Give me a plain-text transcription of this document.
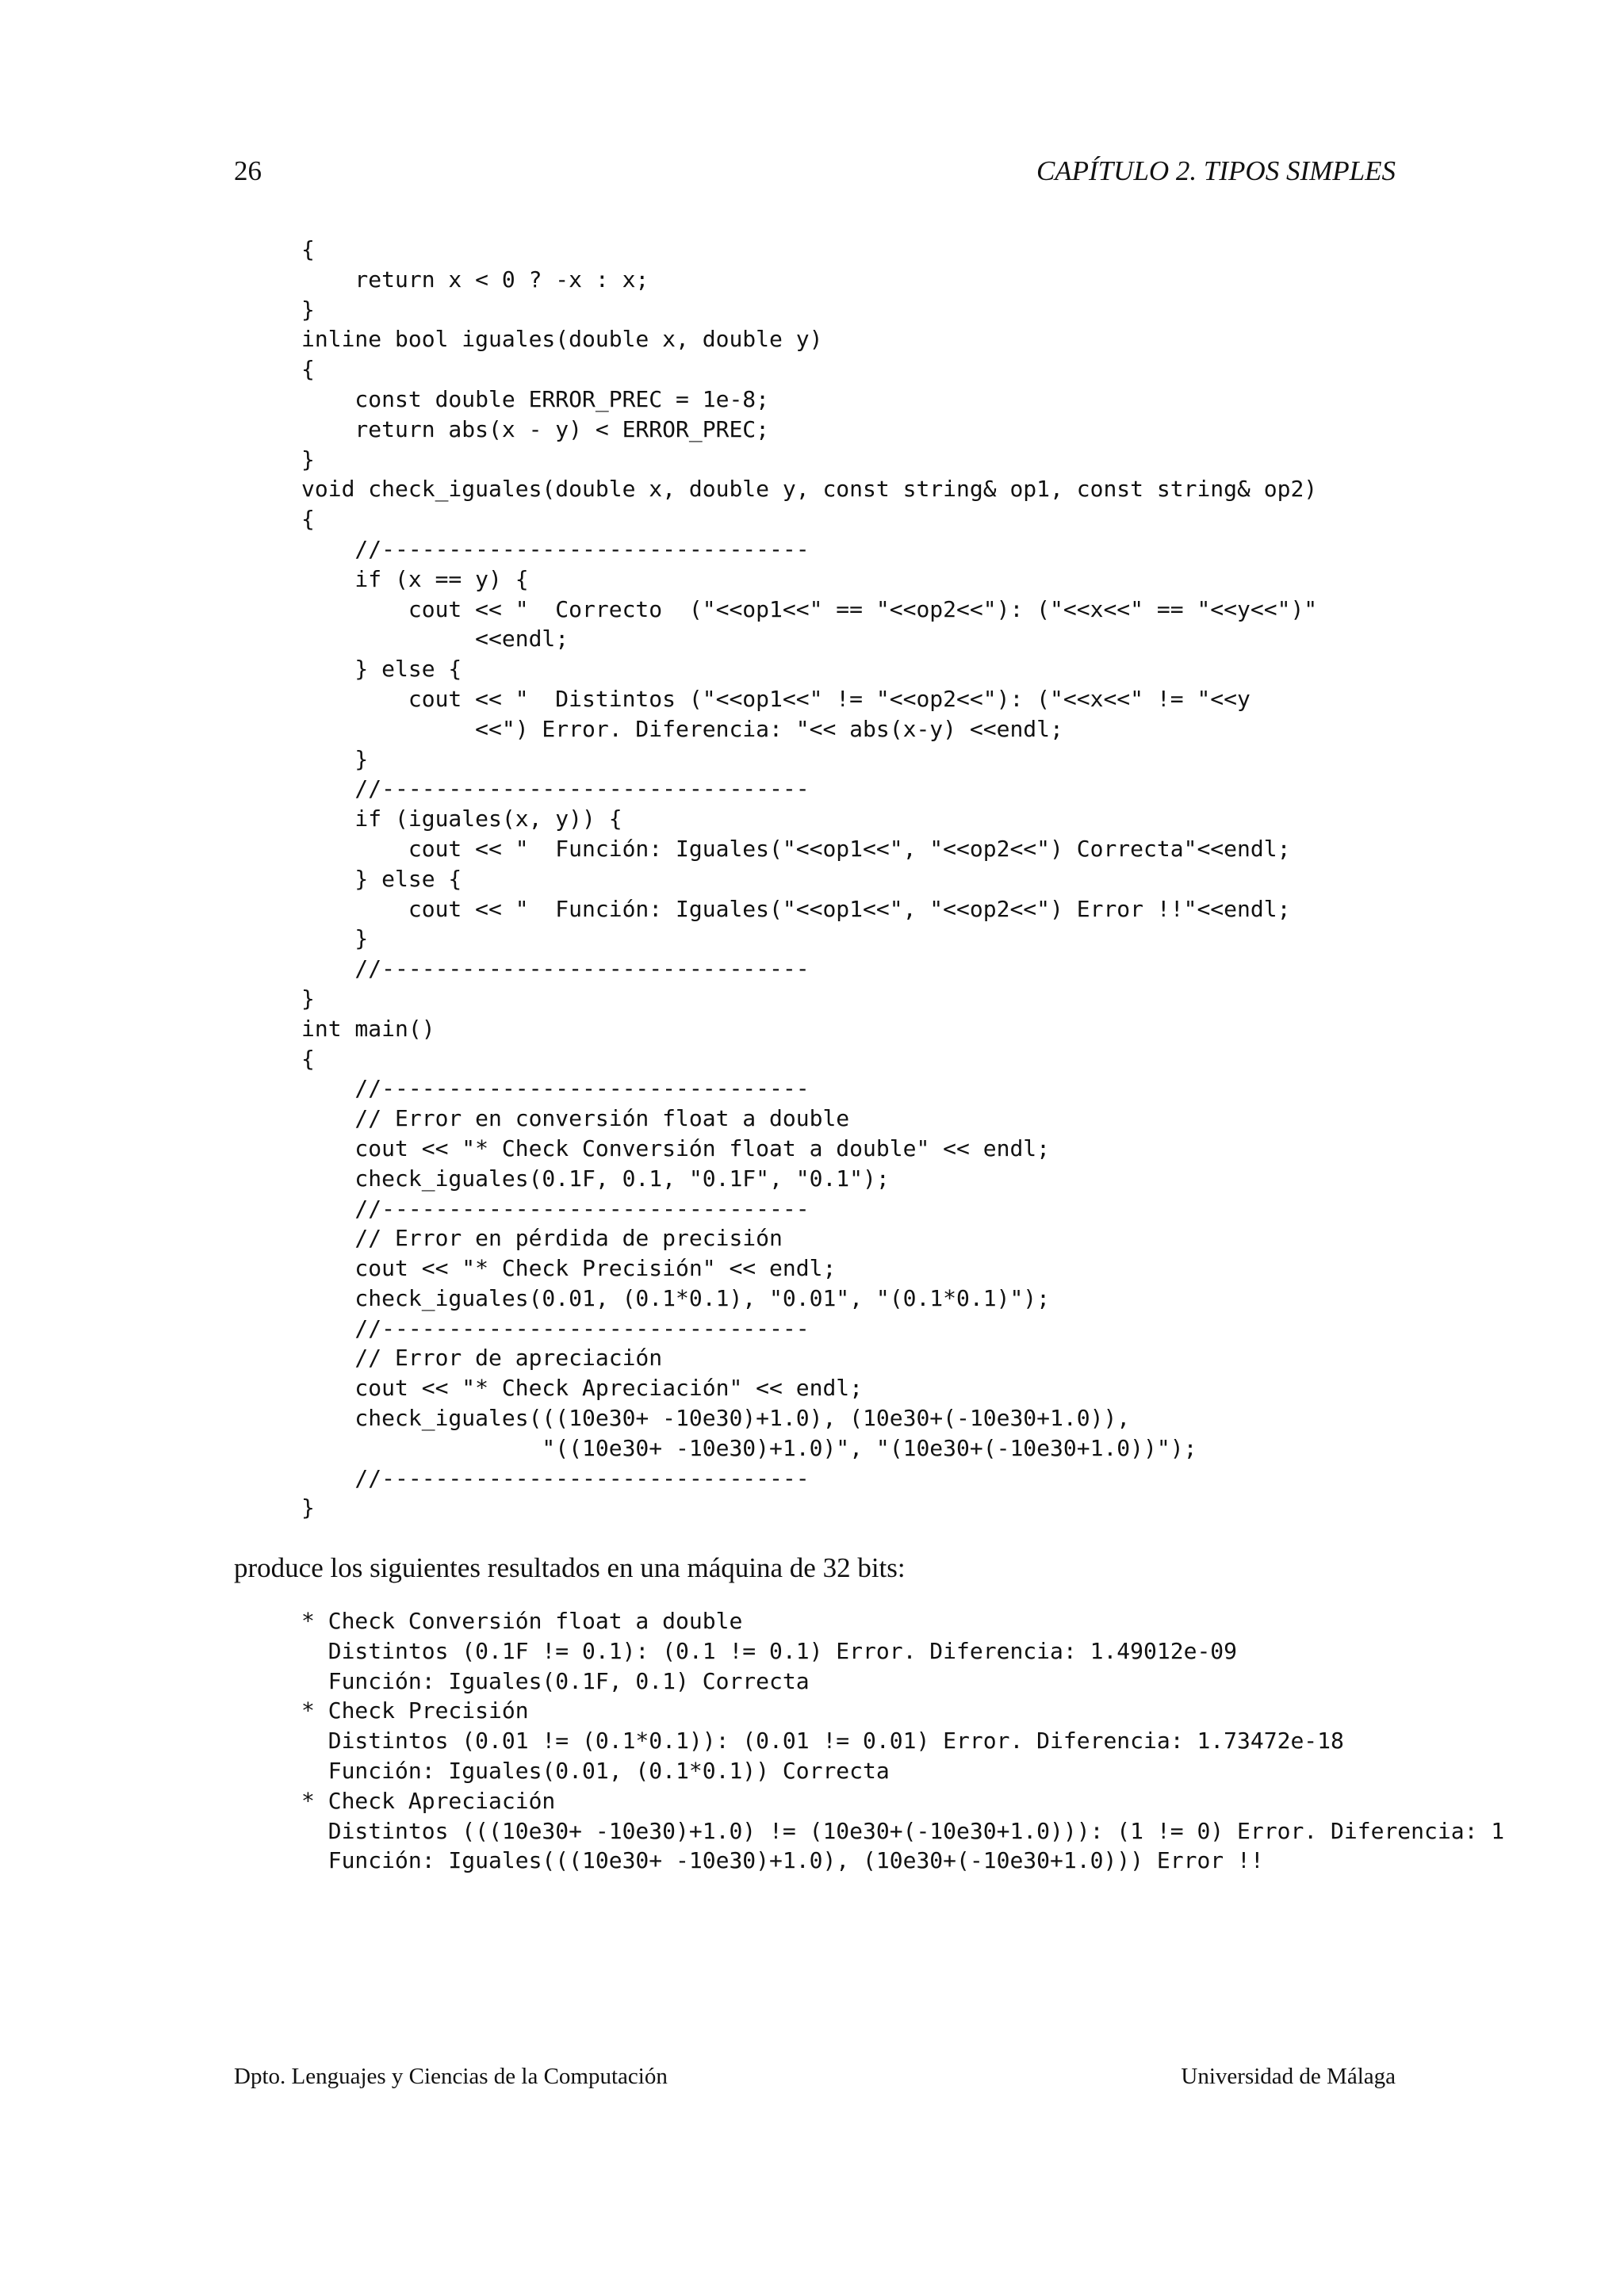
26	CAPÍTULO 2. TIPOS SIMPLES
{
return x < 0 ? -x : x;
}
inline bool iguales(double x, double y)
{
const double ERROR_PREC = 1e-8;
return abs(x - y) < ERROR_PREC;
}
void check_iguales(double x, double y, const string& op1, const string& op2)
{
//--------------------------------
if (x == y) {
cout << "  Correcto  ("<<op1<<" == "<<op2<<"): ("<<x<<" == "<<y<<")"
<<endl;
} else {
cout << "  Distintos ("<<op1<<" != "<<op2<<"): ("<<x<<" != "<<y
<<") Error. Diferencia: "<< abs(x-y) <<endl;
}
//--------------------------------
if (iguales(x, y)) {
cout << "  Función: Iguales("<<op1<<", "<<op2<<") Correcta"<<endl;
} else {
cout << "  Función: Iguales("<<op1<<", "<<op2<<") Error !!"<<endl;
}
//--------------------------------
}
int main()
{
//--------------------------------
// Error en conversión float a double
cout << "* Check Conversión float a double" << endl;
check_iguales(0.1F, 0.1, "0.1F", "0.1");
//--------------------------------
// Error en pérdida de precisión
cout << "* Check Precisión" << endl;
check_iguales(0.01, (0.1*0.1), "0.01", "(0.1*0.1)");
//--------------------------------
// Error de apreciación
cout << "* Check Apreciación" << endl;
check_iguales(((10e30+ -10e30)+1.0), (10e30+(-10e30+1.0)),
"((10e30+ -10e30)+1.0)", "(10e30+(-10e30+1.0))");
//--------------------------------
}
produce los siguientes resultados en una máquina de 32 bits:
* Check Conversión float a double
Distintos (0.1F != 0.1): (0.1 != 0.1) Error. Diferencia: 1.49012e-09
Función: Iguales(0.1F, 0.1) Correcta
* Check Precisión
Distintos (0.01 != (0.1*0.1)): (0.01 != 0.01) Error. Diferencia: 1.73472e-18
Función: Iguales(0.01, (0.1*0.1)) Correcta
* Check Apreciación
Distintos (((10e30+ -10e30)+1.0) != (10e30+(-10e30+1.0))): (1 != 0) Error. Diferencia: 1
Función: Iguales(((10e30+ -10e30)+1.0), (10e30+(-10e30+1.0))) Error !!
Dpto. Lenguajes y Ciencias de la Computación	Universidad de Málaga
